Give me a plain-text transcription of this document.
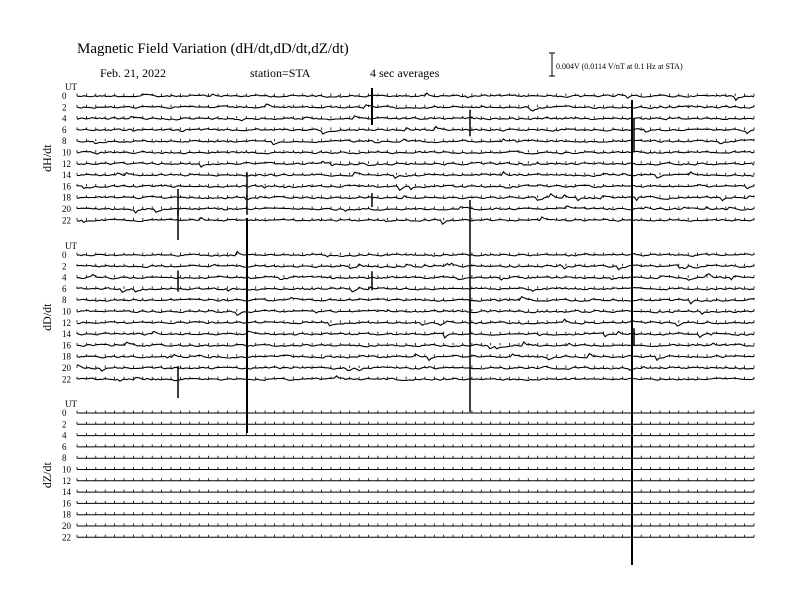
Magnetic Field Variation (dH/dt,dD/dt,dZ/dt)
Feb. 21, 2022	station=STA	4 sec averages	0.004V (0.0114 V/nT at 0.1 Hz at STA)
UT
dH/dt
0
2
4
6
8
10
12
14
16
18
20
22
UT
dD/dt
0
2
4
6
8
10
12
14
16
18
20
22
UT
dZ/dt
0
2
4
6
8
10
12
14
16
18
20
22
